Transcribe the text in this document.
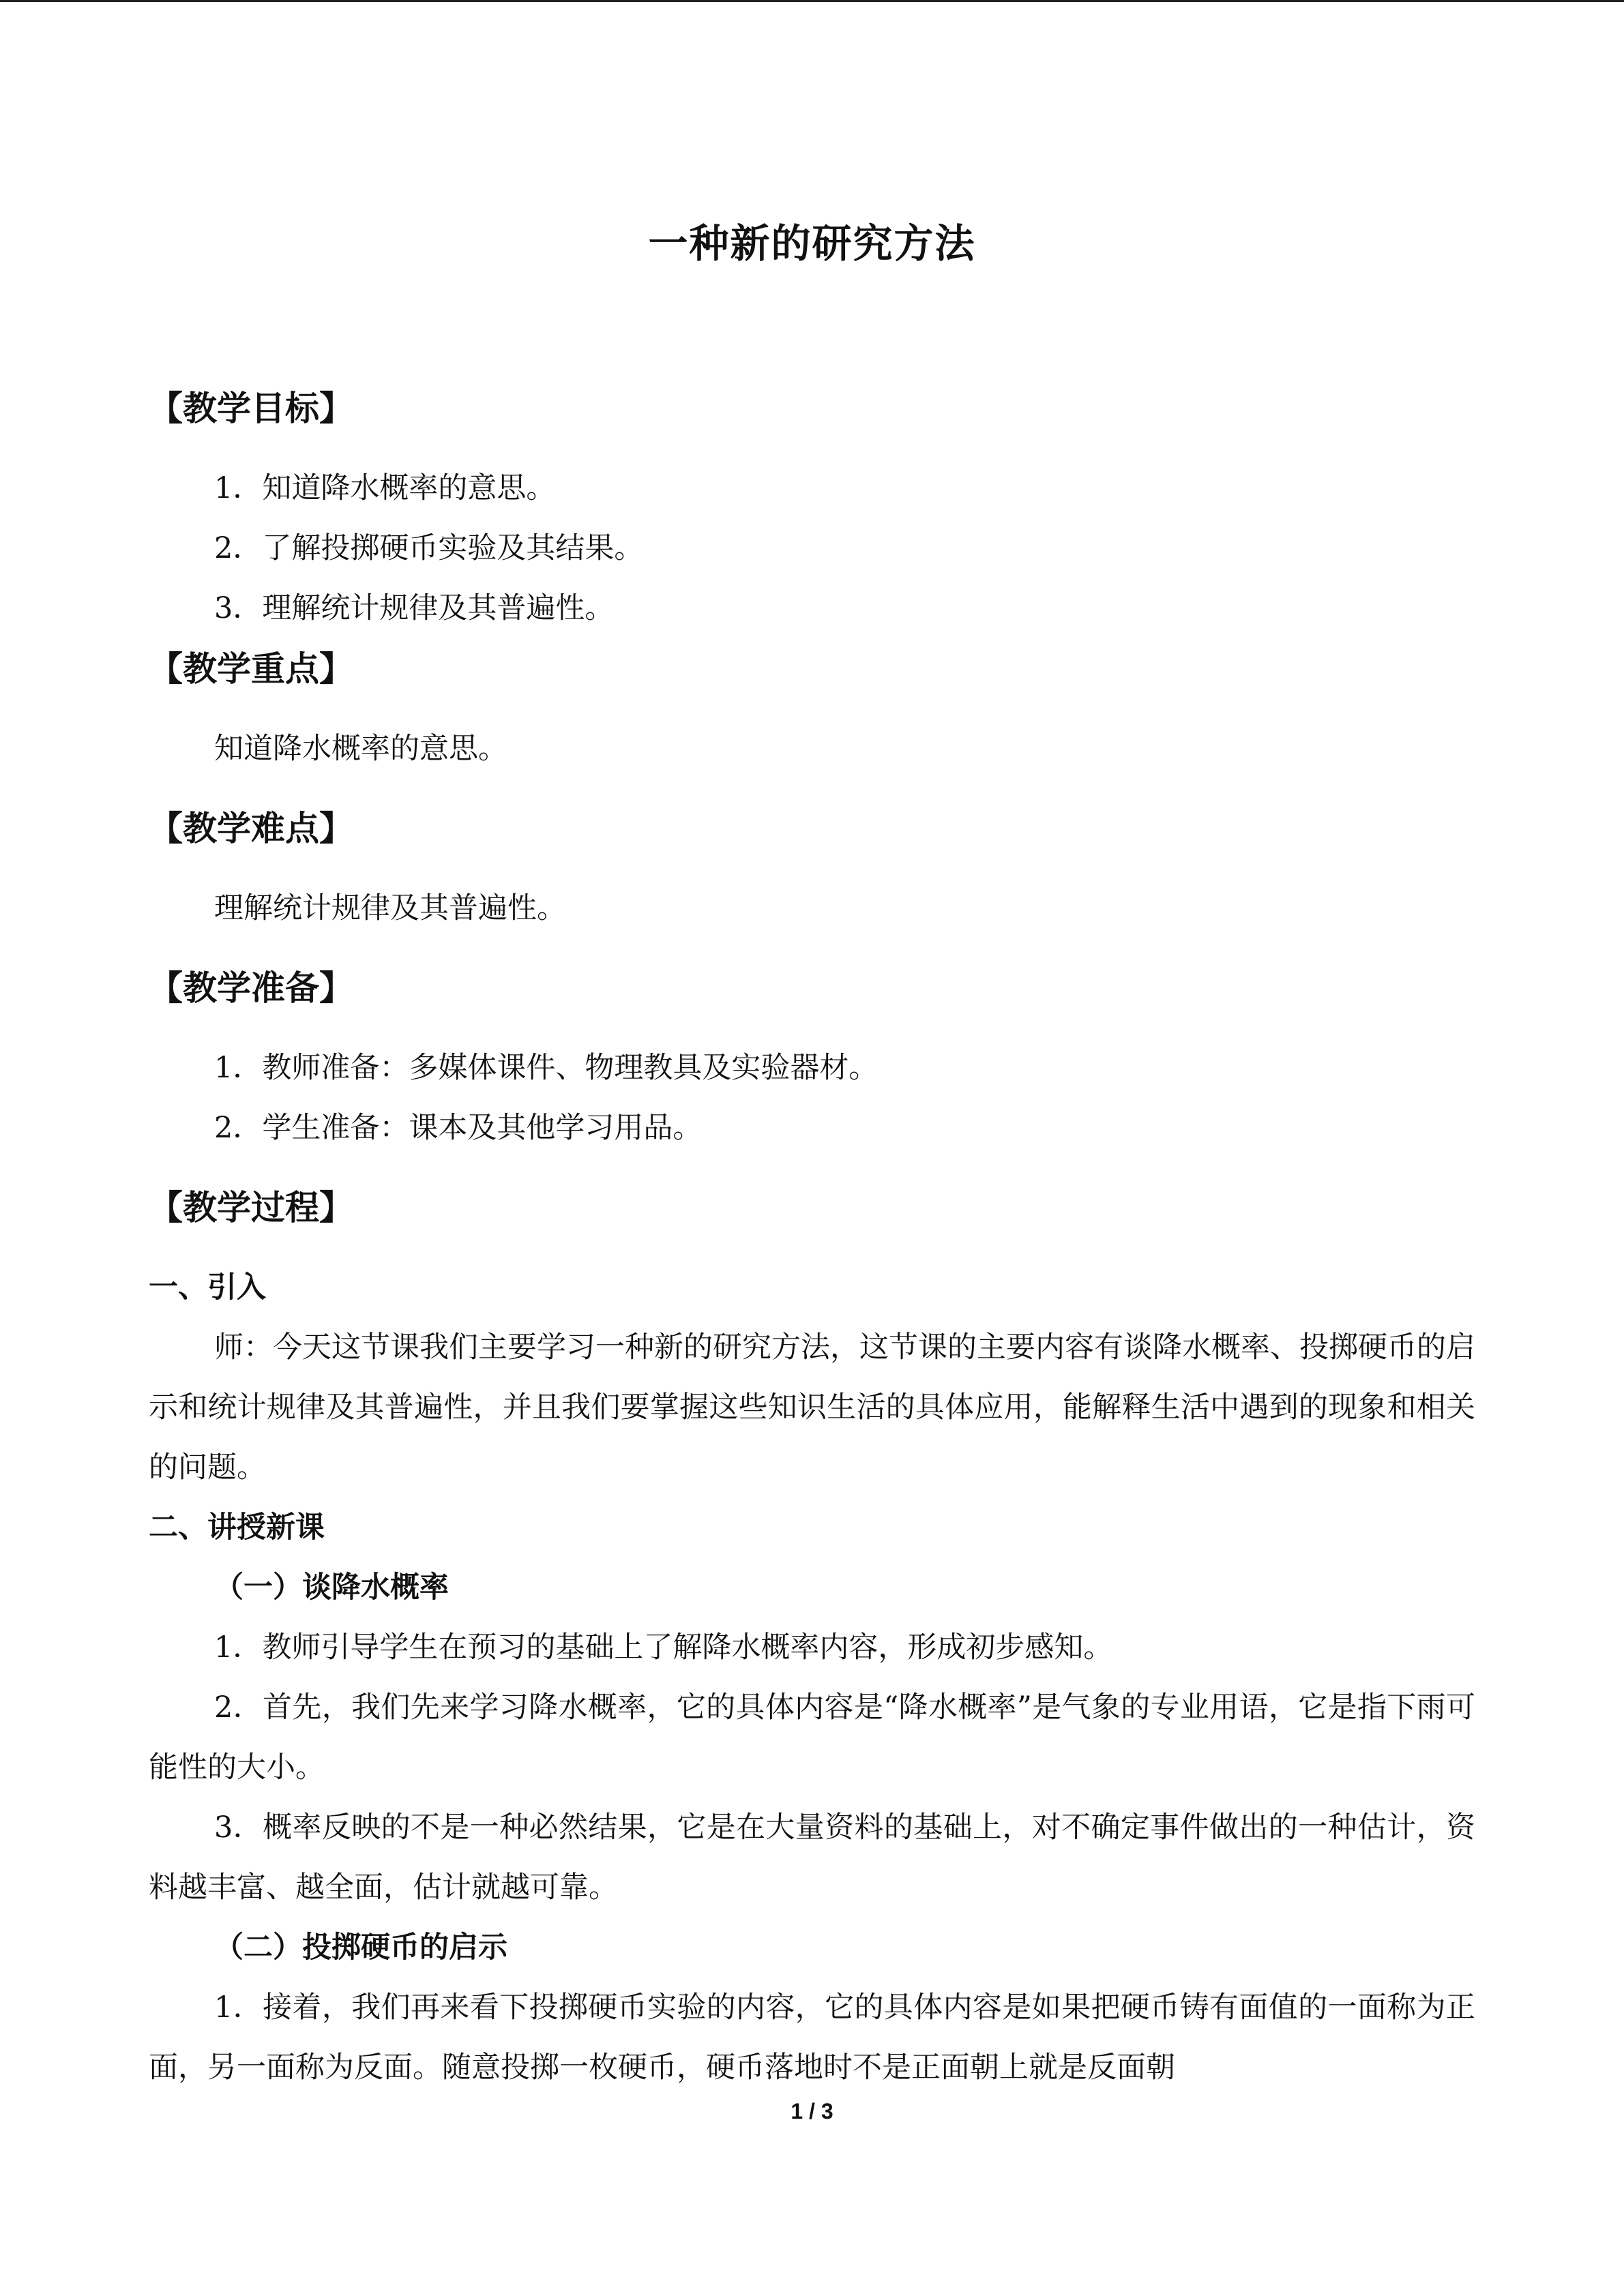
一种新的研究方法
【教学目标】
1．知道降水概率的意思。
2．了解投掷硬币实验及其结果。
3．理解统计规律及其普遍性。
【教学重点】
知道降水概率的意思。
【教学难点】
理解统计规律及其普遍性。
【教学准备】
1．教师准备：多媒体课件、物理教具及实验器材。
2．学生准备：课本及其他学习用品。
【教学过程】
一、引入
师：今天这节课我们主要学习一种新的研究方法，这节课的主要内容有谈降水概率、投掷硬币的启示和统计规律及其普遍性，并且我们要掌握这些知识生活的具体应用，能解释生活中遇到的现象和相关的问题。
二、讲授新课
（一）谈降水概率
1．教师引导学生在预习的基础上了解降水概率内容，形成初步感知。
2．首先，我们先来学习降水概率，它的具体内容是“降水概率”是气象的专业用语，它是指下雨可能性的大小。
3．概率反映的不是一种必然结果，它是在大量资料的基础上，对不确定事件做出的一种估计，资料越丰富、越全面，估计就越可靠。
（二）投掷硬币的启示
1．接着，我们再来看下投掷硬币实验的内容，它的具体内容是如果把硬币铸有面值的一面称为正面，另一面称为反面。随意投掷一枚硬币，硬币落地时不是正面朝上就是反面朝
1 / 3
